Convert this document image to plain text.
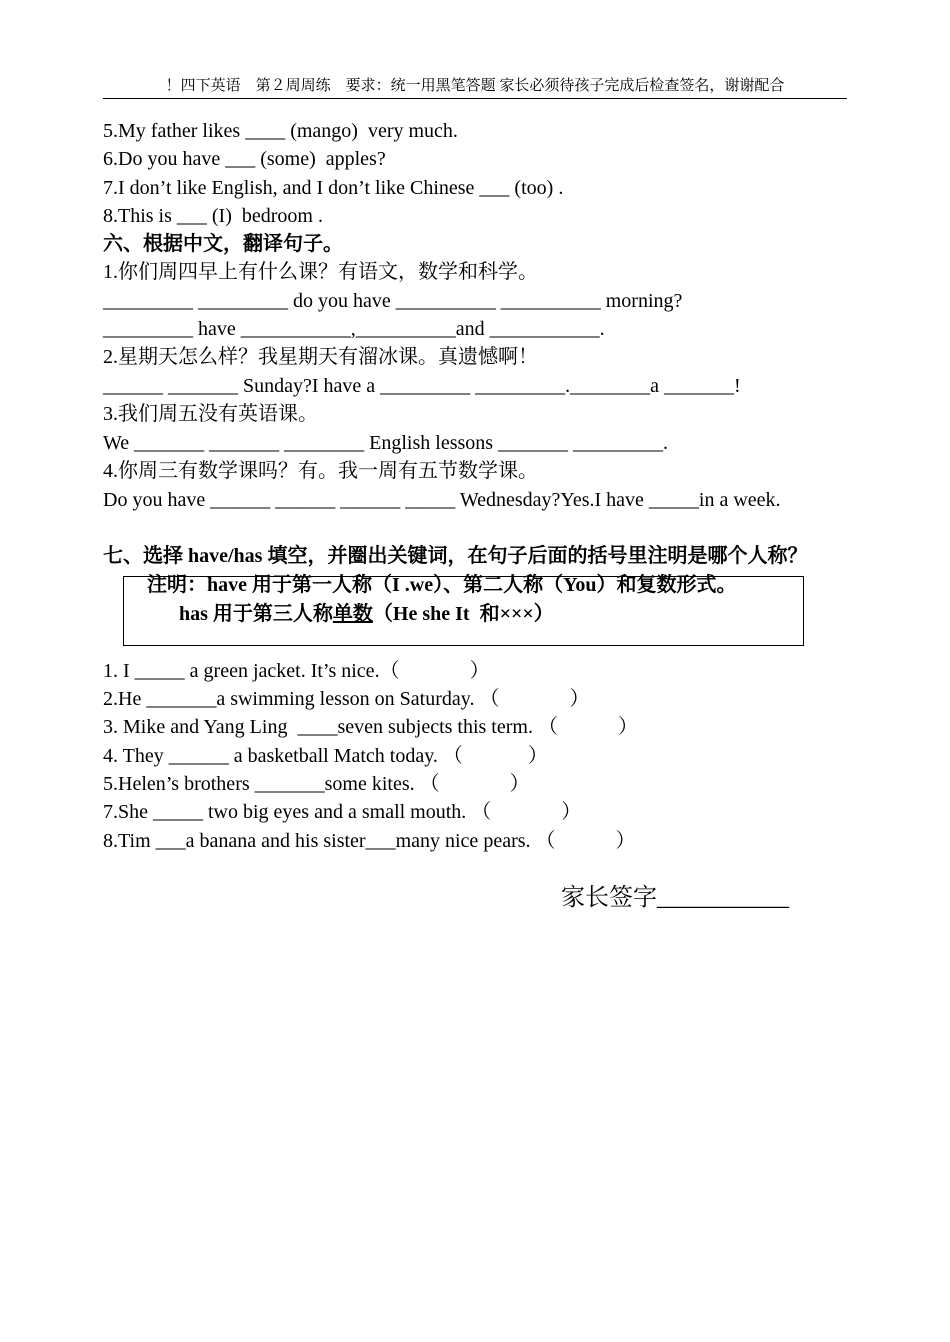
！四下英语　第２周周练　要求：统一用黑笔答题 家长必须待孩子完成后检查签名，谢谢配合
5.My father likes ____ (mango)  very much.
6.Do you have ___ (some)  apples?
7.I don’t like English, and I don’t like Chinese ___ (too) .
8.This is ___ (I)  bedroom .
六、根据中文，翻译句子。
1.你们周四早上有什么课？有语文，数学和科学。
_________ _________ do you have __________ __________ morning?
_________ have ___________,__________and ___________.
2.星期天怎么样？我星期天有溜冰课。真遗憾啊！
______ _______ Sunday?I have a _________ _________.________a _______!
3.我们周五没有英语课。
We _______ _______ ________ English lessons _______ _________.
4.你周三有数学课吗？有。我一周有五节数学课。
Do you have ______ ______ ______ _____ Wednesday?Yes.I have _____in a week.
七、选择 have/has 填空，并圈出关键词，在句子后面的括号里注明是哪个人称？
注明：have 用于第一人称（I .we）、第二人称（You）和复数形式。
has 用于第三人称单数（He she It  和×××）
1. I _____ a green jacket. It’s nice.（              ）
2.He _______a swimming lesson on Saturday. （              ）
3. Mike and Yang Ling  ____seven subjects this term. （            ）
4. They ______ a basketball Match today. （             ）
5.Helen’s brothers _______some kites. （              ）
7.She _____ two big eyes and a small mouth. （              ）
8.Tim ___a banana and his sister___many nice pears. （            ）
家长签字___________
